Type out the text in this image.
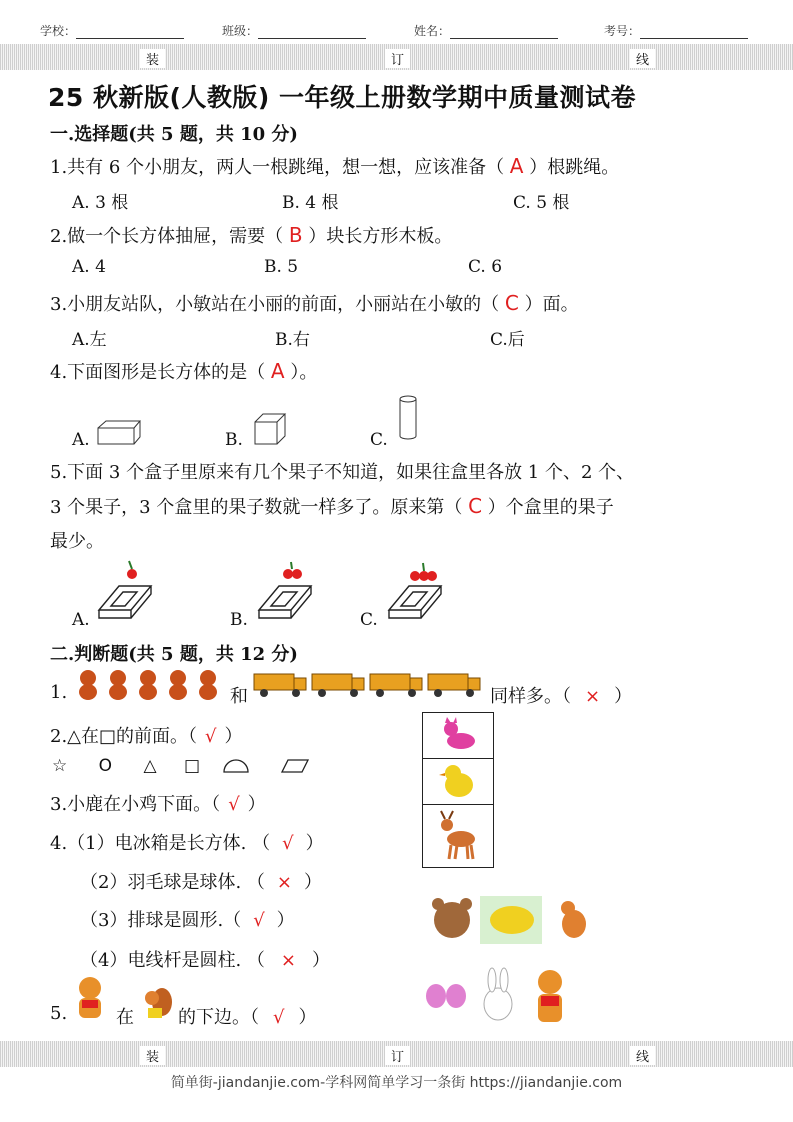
学校：	班级：	姓名：	考号：
装	订	线
25 秋新版(人教版) 一年级上册数学期中质量测试卷
一.选择题(共 5 题，共 10 分)
1.共有 6 个小朋友，两人一根跳绳，想一想，应该准备（ A ）根跳绳。
A. 3 根	B. 4 根	C. 5 根
2.做一个长方体抽屉，需要（ B ）块长方形木板。
A. 4	B. 5	C. 6
3.小朋友站队，小敏站在小丽的前面，小丽站在小敏的（ C ）面。
A.左	B.右	C.后
4.下面图形是长方体的是（ A ）。
A.	B.	C.
5.下面 3 个盒子里原来有几个果子不知道，如果往盒里各放 1 个、2 个、
3 个果子，3 个盒里的果子数就一样多了。原来第（ C ）个盒里的果子
最少。
A.	B.	C.
二.判断题(共 5 题，共 12 分)
1.	和	同样多。（ × ）
2.△在□的前面。（ √ ）
☆ O △ □
3.小鹿在小鸡下面。（ √ ）
4.（1）电冰箱是长方体. （ √ ）
（2）羽毛球是球体. （ × ）
（3）排球是圆形.（ √ ）
（4）电线杆是圆柱. （ × ）
5.	在 的下边。（ √ ）
装	订	线
简单街-jiandanjie.com-学科网简单学习一条街 https://jiandanjie.com
